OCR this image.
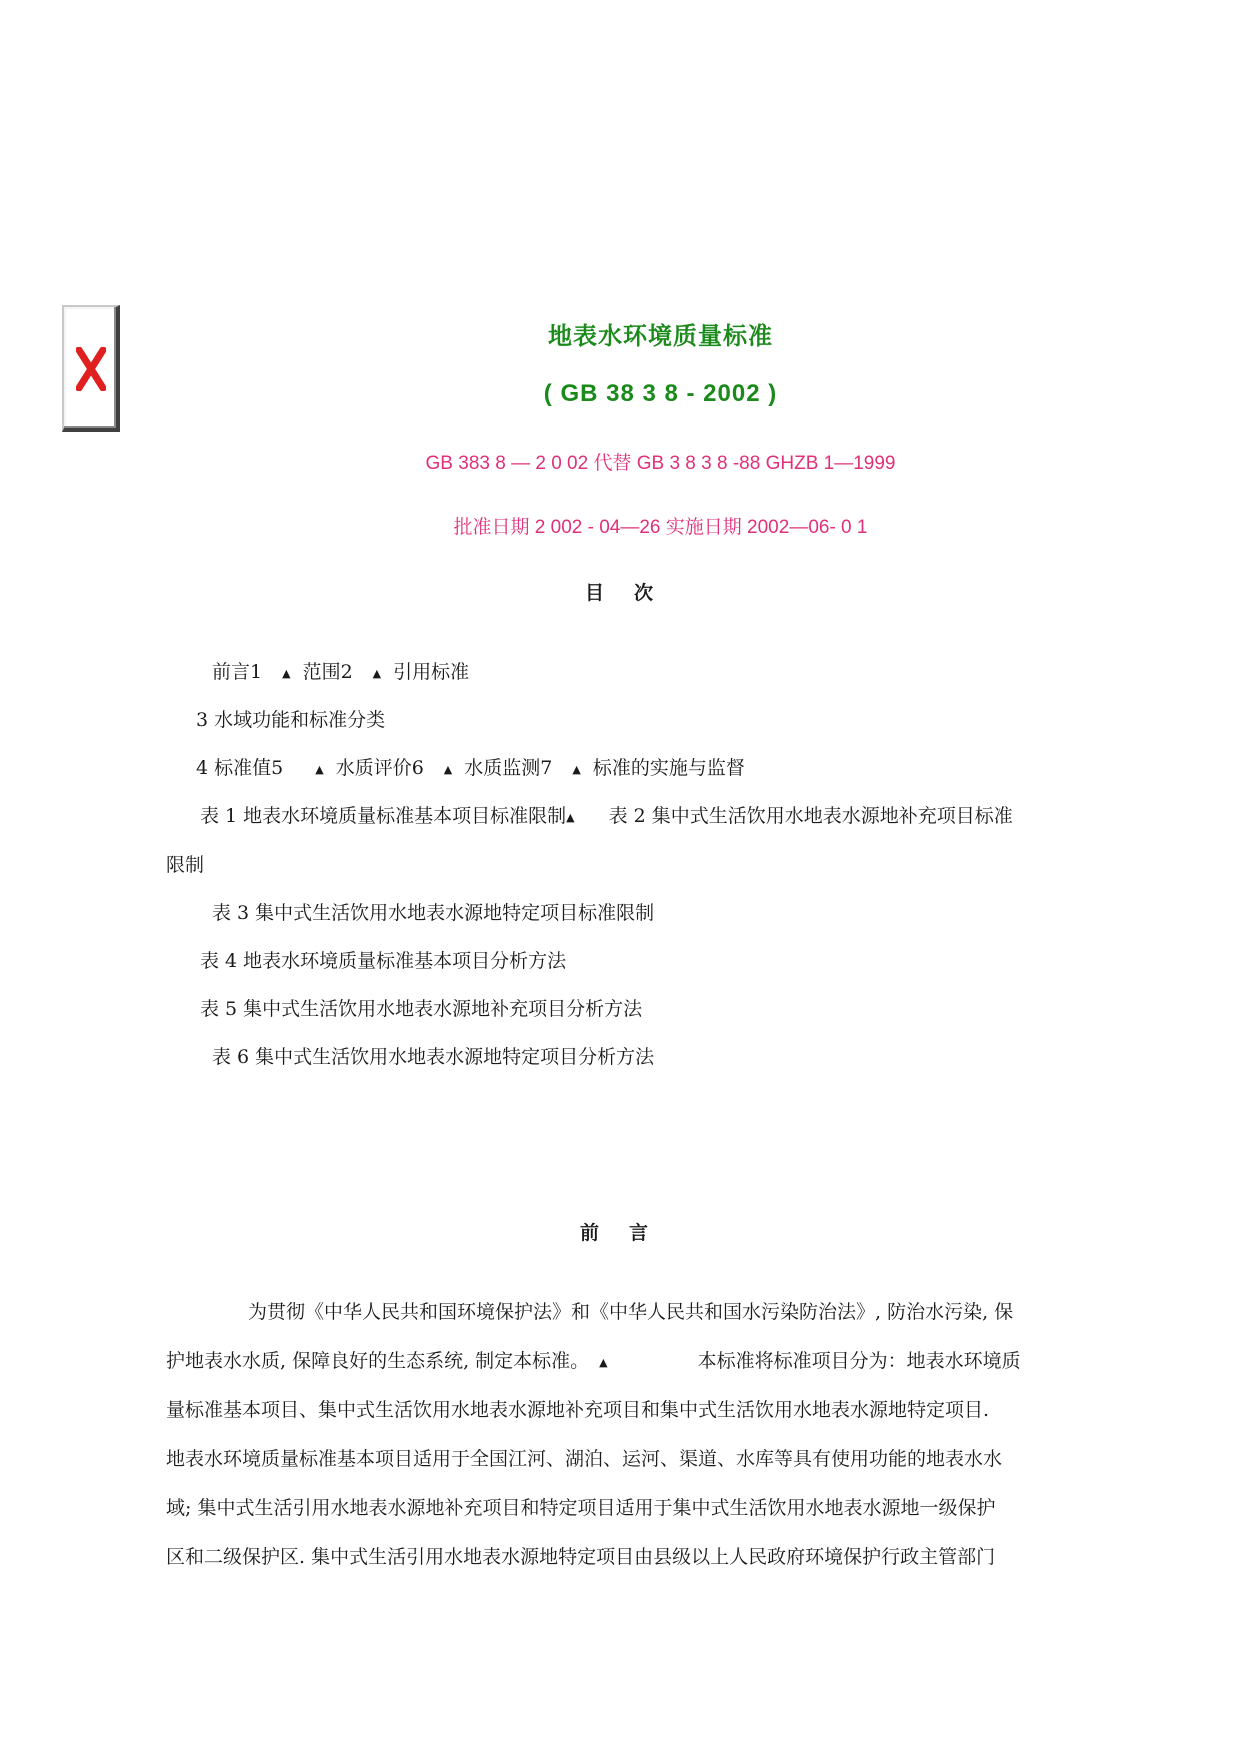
地表水环境质量标准
( GB 38 3 8 - 2002 )
GB 383 8 — 2 0 02 代替 GB 3 8 3 8 -88 GHZB 1—1999
批准日期 2 002 - 04—26 实施日期 2002—06- 0 1
目次
前言1 ▲ 范围2 ▲ 引用标准
3 水域功能和标准分类
4 标准值5	▲ 水质评价6 ▲ 水质监测7 ▲ 标准的实施与监督
表 1 地表水环境质量标准基本项目标准限制▲ 表 2 集中式生活饮用水地表水源地补充项目标准
限制
表 3 集中式生活饮用水地表水源地特定项目标准限制
表 4 地表水环境质量标准基本项目分析方法
表 5 集中式生活饮用水地表水源地补充项目分析方法
表 6 集中式生活饮用水地表水源地特定项目分析方法
前言
为贯彻《中华人民共和国环境保护法》和《中华人民共和国水污染防治法》, 防治水污染, 保
护地表水水质, 保障良好的生态系统, 制定本标准。 ▲	本标准将标准项目分为：地表水环境质
量标准基本项目、集中式生活饮用水地表水源地补充项目和集中式生活饮用水地表水源地特定项目.
地表水环境质量标准基本项目适用于全国江河、湖泊、运河、渠道、水库等具有使用功能的地表水水
域; 集中式生活引用水地表水源地补充项目和特定项目适用于集中式生活饮用水地表水源地一级保护
区和二级保护区. 集中式生活引用水地表水源地特定项目由县级以上人民政府环境保护行政主管部门
